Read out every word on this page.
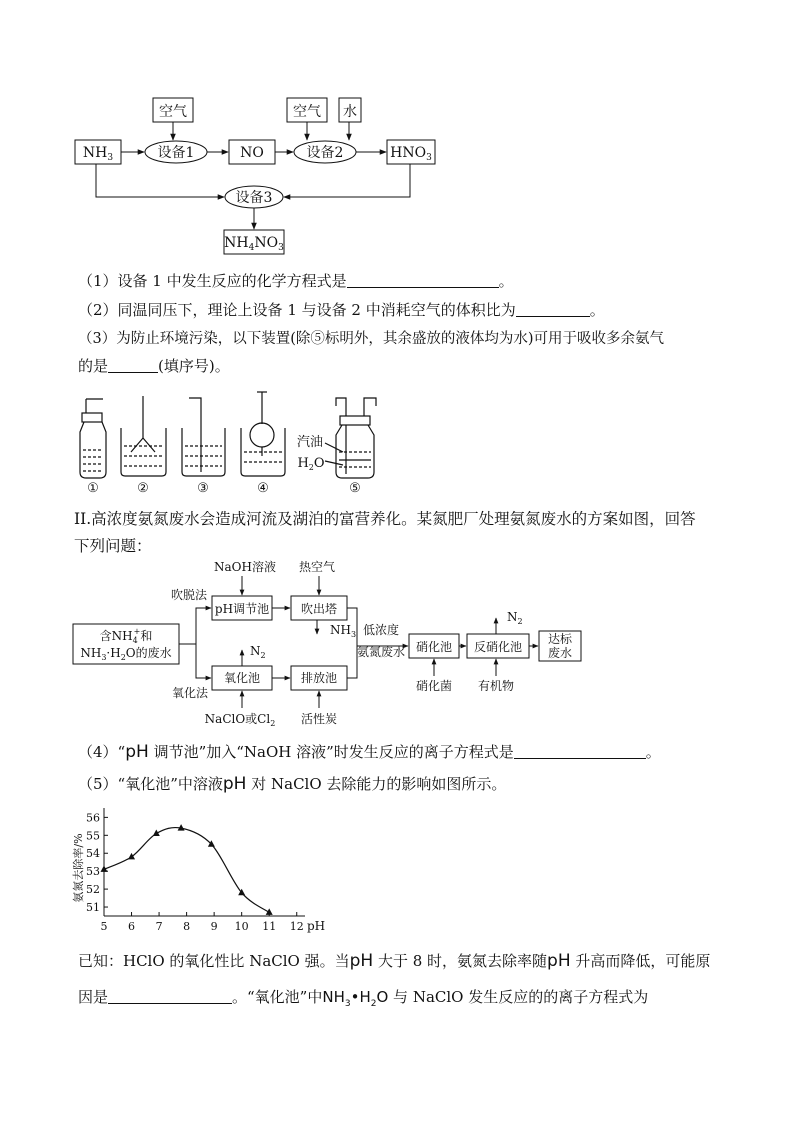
空气	空气 水
$NH_3$	设备1	NO	设备2	$HNO_3$
设备3
$NH_4NO_3$
（1）设备 1 中发生反应的化学方程式是	。
（2）同温同压下，理论上设备 1 与设备 2 中消耗空气的体积比为	。
（3）为防止环境污染，以下装置(除⑤标明外，其余盛放的液体均为水)可用于吸收多余氨气
的是	(填序号)。
①	②	③	④	⑤
汽油
$H_2O$
II.高浓度氨氮废水会造成河流及湖泊的富营养化。某氮肥厂处理氨氮废水的方案如图，回答
下列问题：
NaOH溶液 热空气
吹脱法
pH调节池	吹出塔
$NH_3$ 低浓度
氨氮废水 硝化池 反硝化池
达标
废水
$N_2$
含$NH_4+$和
$NH_3\cdot H_2O$的废水
氧化法
氧化池	排放池
$N_2$
NaClO或$Cl_2$ 活性炭
硝化菌 有机物
（4）“pH 调节池”加入“NaOH 溶液”时发生反应的离子方程式是	。
（5）“氧化池”中溶液pH 对 NaClO 去除能力的影响如图所示。
5 6 7 8 9 10 11 12
51
52
53
54
55
56
氨氮去除率/%
pH
已知：HClO 的氧化性比 NaClO 强。当pH 大于 8 时，氨氮去除率随pH 升高而降低，可能原
因是	。“氧化池”中$NH_3•H_2O$ 与 NaClO 发生反应的的离子方程式为
